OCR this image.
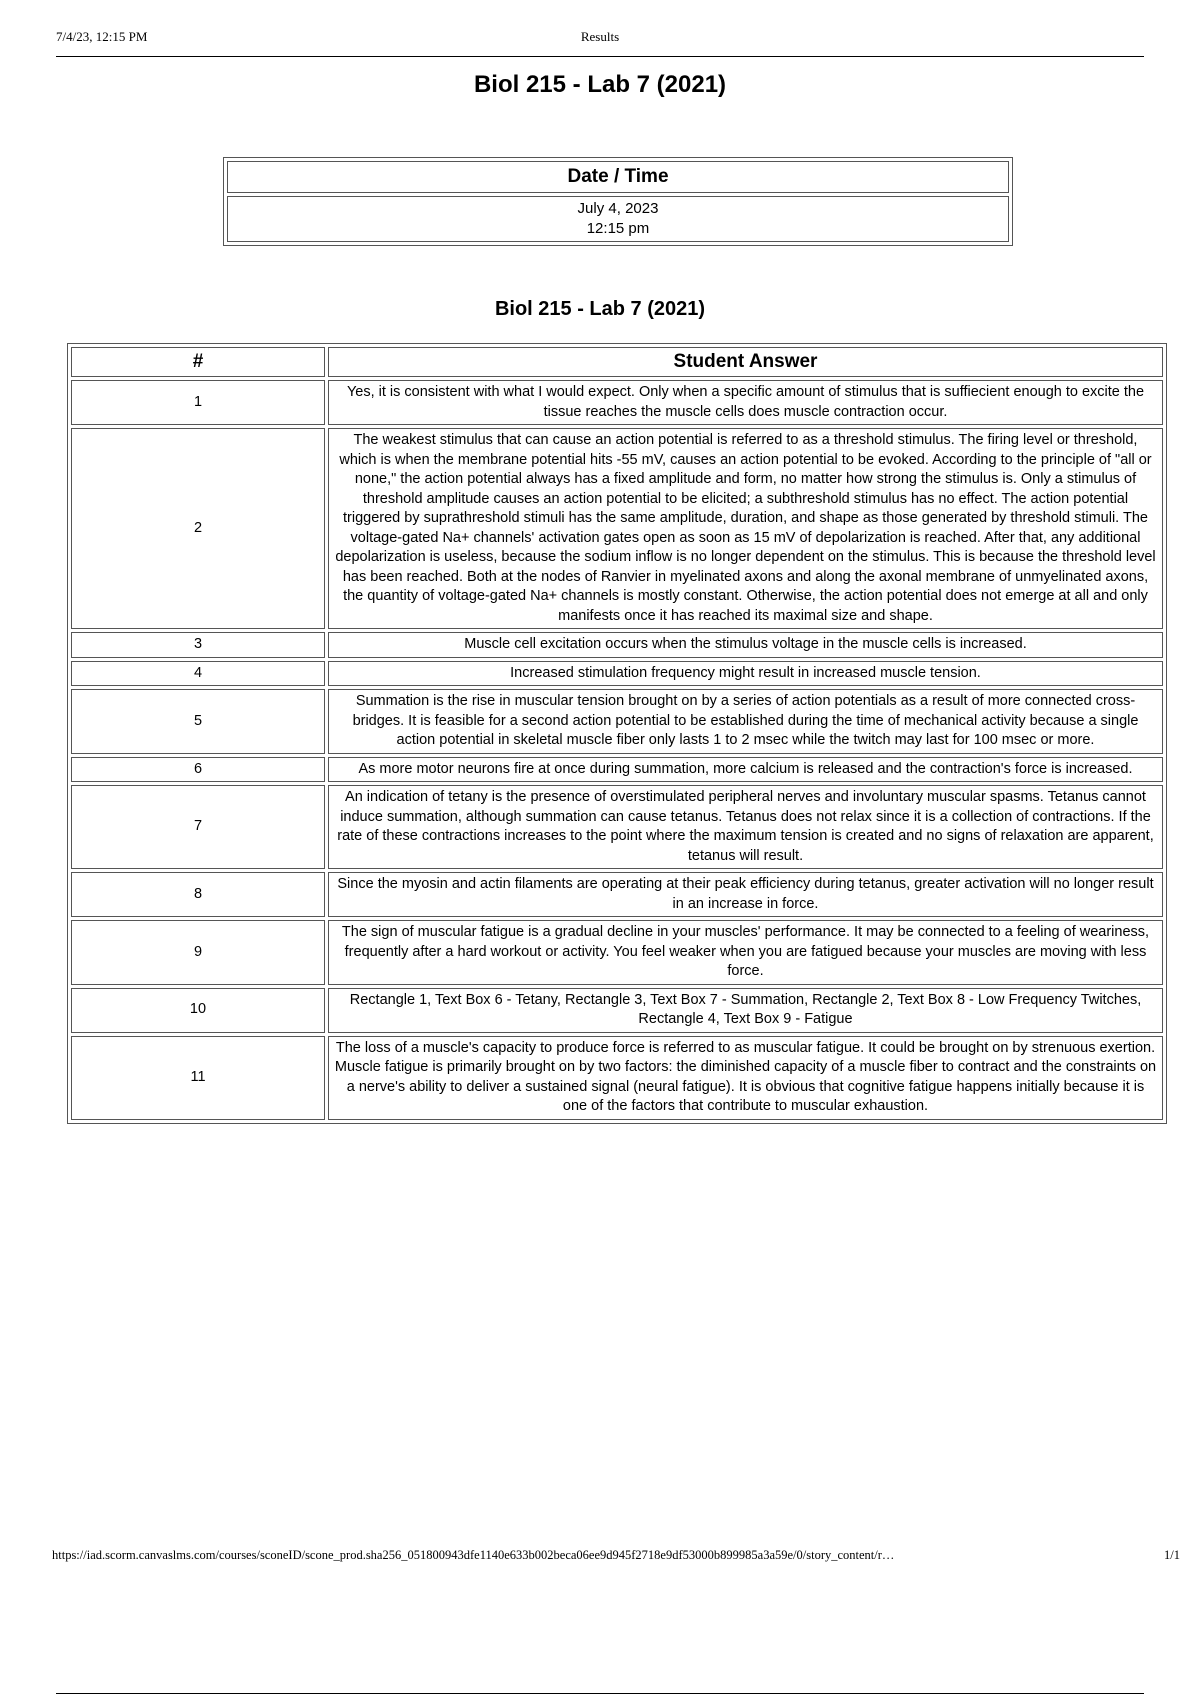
7/4/23, 12:15 PM	Results
Biol 215 - Lab 7 (2021)
Date / Time

July 4, 2023
12:15 pm
Biol 215 - Lab 7 (2021)
#	Student Answer
1	Yes, it is consistent with what I would expect. Only when a specific amount of stimulus that is suffiecient enough to excite the tissue reaches the muscle cells does muscle contraction occur.
2	The weakest stimulus that can cause an action potential is referred to as a threshold stimulus. The firing level or threshold, which is when the membrane potential hits -55 mV, causes an action potential to be evoked. According to the principle of "all or none," the action potential always has a fixed amplitude and form, no matter how strong the stimulus is. Only a stimulus of threshold amplitude causes an action potential to be elicited; a subthreshold stimulus has no effect. The action potential triggered by suprathreshold stimuli has the same amplitude, duration, and shape as those generated by threshold stimuli. The voltage-gated Na+ channels' activation gates open as soon as 15 mV of depolarization is reached. After that, any additional depolarization is useless, because the sodium inflow is no longer dependent on the stimulus. This is because the threshold level has been reached. Both at the nodes of Ranvier in myelinated axons and along the axonal membrane of unmyelinated axons, the quantity of voltage-gated Na+ channels is mostly constant. Otherwise, the action potential does not emerge at all and only manifests once it has reached its maximal size and shape.
3	Muscle cell excitation occurs when the stimulus voltage in the muscle cells is increased.
4	Increased stimulation frequency might result in increased muscle tension.
5	Summation is the rise in muscular tension brought on by a series of action potentials as a result of more connected cross-bridges. It is feasible for a second action potential to be established during the time of mechanical activity because a single action potential in skeletal muscle fiber only lasts 1 to 2 msec while the twitch may last for 100 msec or more.
6	As more motor neurons fire at once during summation, more calcium is released and the contraction's force is increased.
7	An indication of tetany is the presence of overstimulated peripheral nerves and involuntary muscular spasms. Tetanus cannot induce summation, although summation can cause tetanus. Tetanus does not relax since it is a collection of contractions. If the rate of these contractions increases to the point where the maximum tension is created and no signs of relaxation are apparent, tetanus will result.
8	Since the myosin and actin filaments are operating at their peak efficiency during tetanus, greater activation will no longer result in an increase in force.
9	The sign of muscular fatigue is a gradual decline in your muscles' performance. It may be connected to a feeling of weariness, frequently after a hard workout or activity. You feel weaker when you are fatigued because your muscles are moving with less force.
10	Rectangle 1, Text Box 6 - Tetany, Rectangle 3, Text Box 7 - Summation, Rectangle 2, Text Box 8 - Low Frequency Twitches, Rectangle 4, Text Box 9 - Fatigue
11	The loss of a muscle's capacity to produce force is referred to as muscular fatigue. It could be brought on by strenuous exertion. Muscle fatigue is primarily brought on by two factors: the diminished capacity of a muscle fiber to contract and the constraints on a nerve's ability to deliver a sustained signal (neural fatigue). It is obvious that cognitive fatigue happens initially because it is one of the factors that contribute to muscular exhaustion.
https://iad.scorm.canvaslms.com/courses/sconeID/scone_prod.sha256_051800943dfe1140e633b002beca06ee9d945f2718e9df53000b899985a3a59e/0/story_content/r…	1/1
